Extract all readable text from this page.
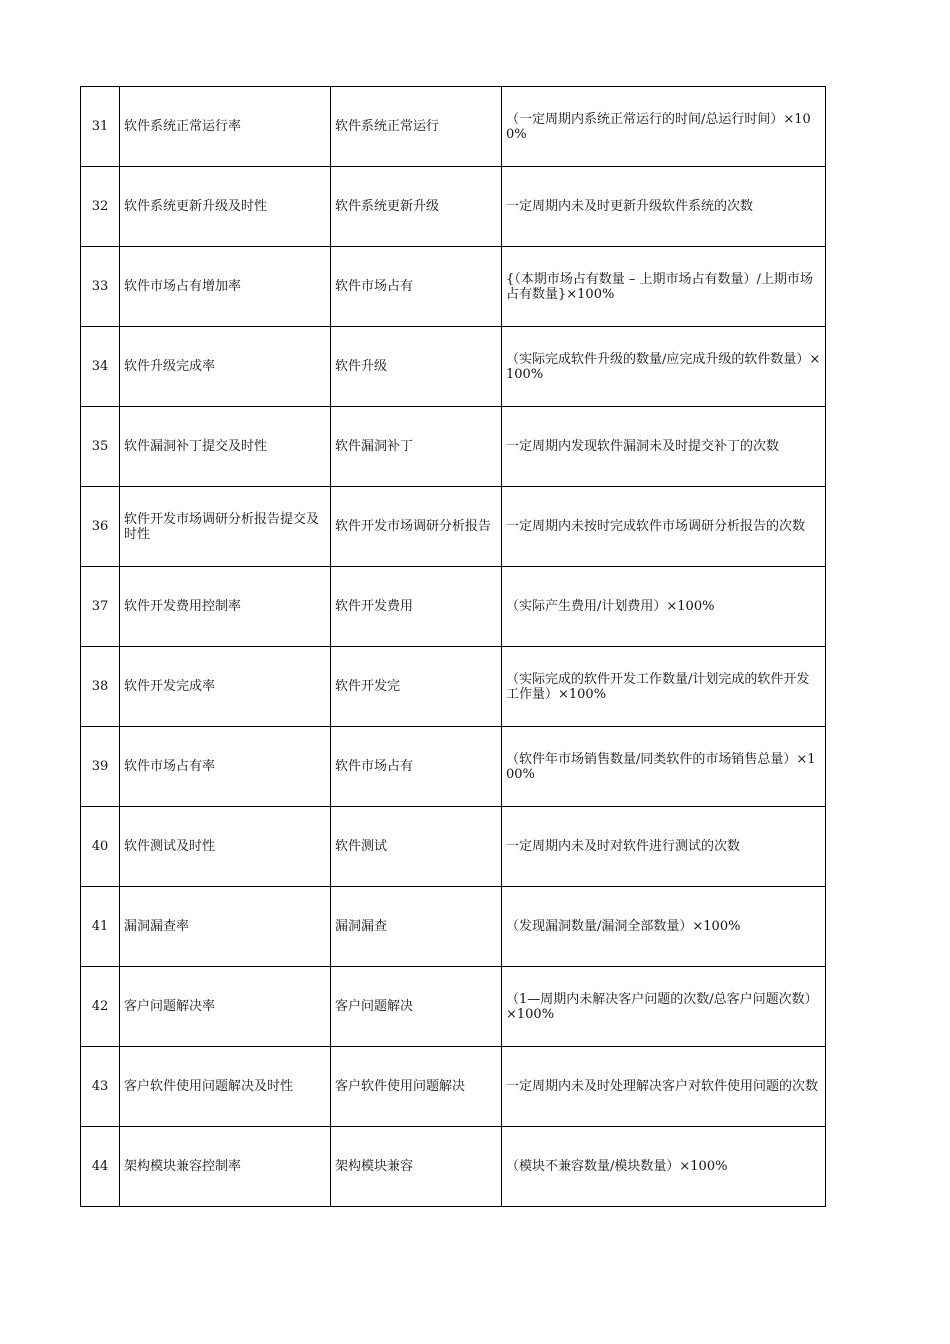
31	软件系统正常运行率	软件系统正常运行	（一定周期内系统正常运行的时间/总运行时间）×100%
32	软件系统更新升级及时性	软件系统更新升级	一定周期内未及时更新升级软件系统的次数
33	软件市场占有增加率	软件市场占有	{（本期市场占有数量 – 上期市场占有数量）/上期市场占有数量}×100%
34	软件升级完成率	软件升级	（实际完成软件升级的数量/应完成升级的软件数量）×100%
35	软件漏洞补丁提交及时性	软件漏洞补丁	一定周期内发现软件漏洞未及时提交补丁的次数
36	软件开发市场调研分析报告提交及时性	软件开发市场调研分析报告	一定周期内未按时完成软件市场调研分析报告的次数
37	软件开发费用控制率	软件开发费用	（实际产生费用/计划费用）×100%
38	软件开发完成率	软件开发完	（实际完成的软件开发工作数量/计划完成的软件开发工作量）×100%
39	软件市场占有率	软件市场占有	（软件年市场销售数量/同类软件的市场销售总量）×100%
40	软件测试及时性	软件测试	一定周期内未及时对软件进行测试的次数
41	漏洞漏查率	漏洞漏查	（发现漏洞数量/漏洞全部数量）×100%
42	客户问题解决率	客户问题解决	（1—周期内未解决客户问题的次数/总客户问题次数）×100%
43	客户软件使用问题解决及时性	客户软件使用问题解决	一定周期内未及时处理解决客户对软件使用问题的次数
44	架构模块兼容控制率	架构模块兼容	（模块不兼容数量/模块数量）×100%
